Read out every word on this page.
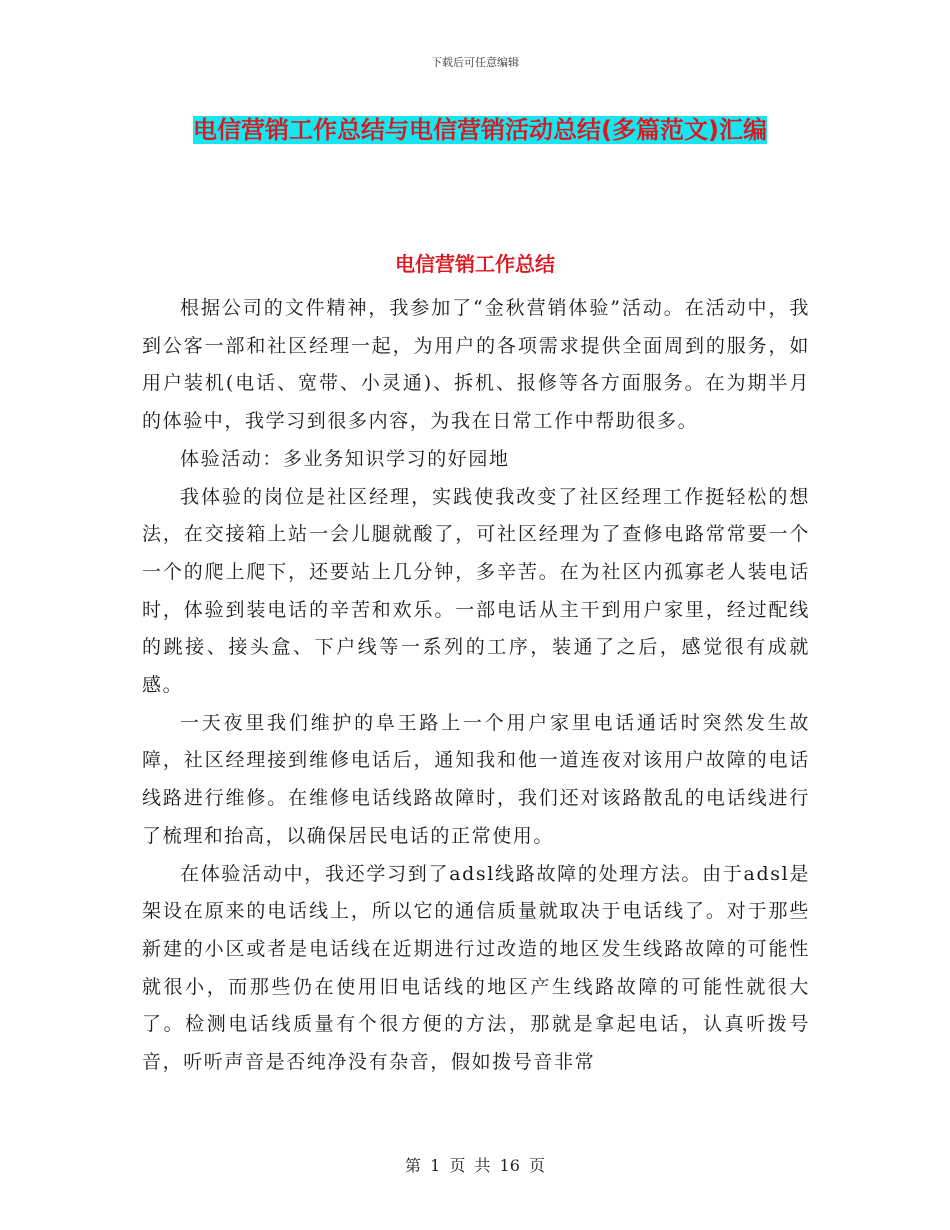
下载后可任意编辑
电信营销工作总结与电信营销活动总结(多篇范文)汇编
电信营销工作总结

根据公司的文件精神，我参加了“金秋营销体验”活动。在活动中，我到公客一部和社区经理一起，为用户的各项需求提供全面周到的服务，如用户装机(电话、宽带、小灵通)、拆机、报修等各方面服务。在为期半月的体验中，我学习到很多内容，为我在日常工作中帮助很多。

体验活动：多业务知识学习的好园地

我体验的岗位是社区经理，实践使我改变了社区经理工作挺轻松的想法，在交接箱上站一会儿腿就酸了，可社区经理为了查修电路常常要一个一个的爬上爬下，还要站上几分钟，多辛苦。在为社区内孤寡老人装电话时，体验到装电话的辛苦和欢乐。一部电话从主干到用户家里，经过配线的跳接、接头盒、下户线等一系列的工序，装通了之后，感觉很有成就感。

一天夜里我们维护的阜王路上一个用户家里电话通话时突然发生故障，社区经理接到维修电话后，通知我和他一道连夜对该用户故障的电话线路进行维修。在维修电话线路故障时，我们还对该路散乱的电话线进行了梳理和抬高，以确保居民电话的正常使用。

在体验活动中，我还学习到了adsl线路故障的处理方法。由于adsl是架设在原来的电话线上，所以它的通信质量就取决于电话线了。对于那些新建的小区或者是电话线在近期进行过改造的地区发生线路故障的可能性就很小，而那些仍在使用旧电话线的地区产生线路故障的可能性就很大了。检测电话线质量有个很方便的方法，那就是拿起电话，认真听拨号音，听听声音是否纯净没有杂音，假如拨号音非常

第 1 页 共 16 页
